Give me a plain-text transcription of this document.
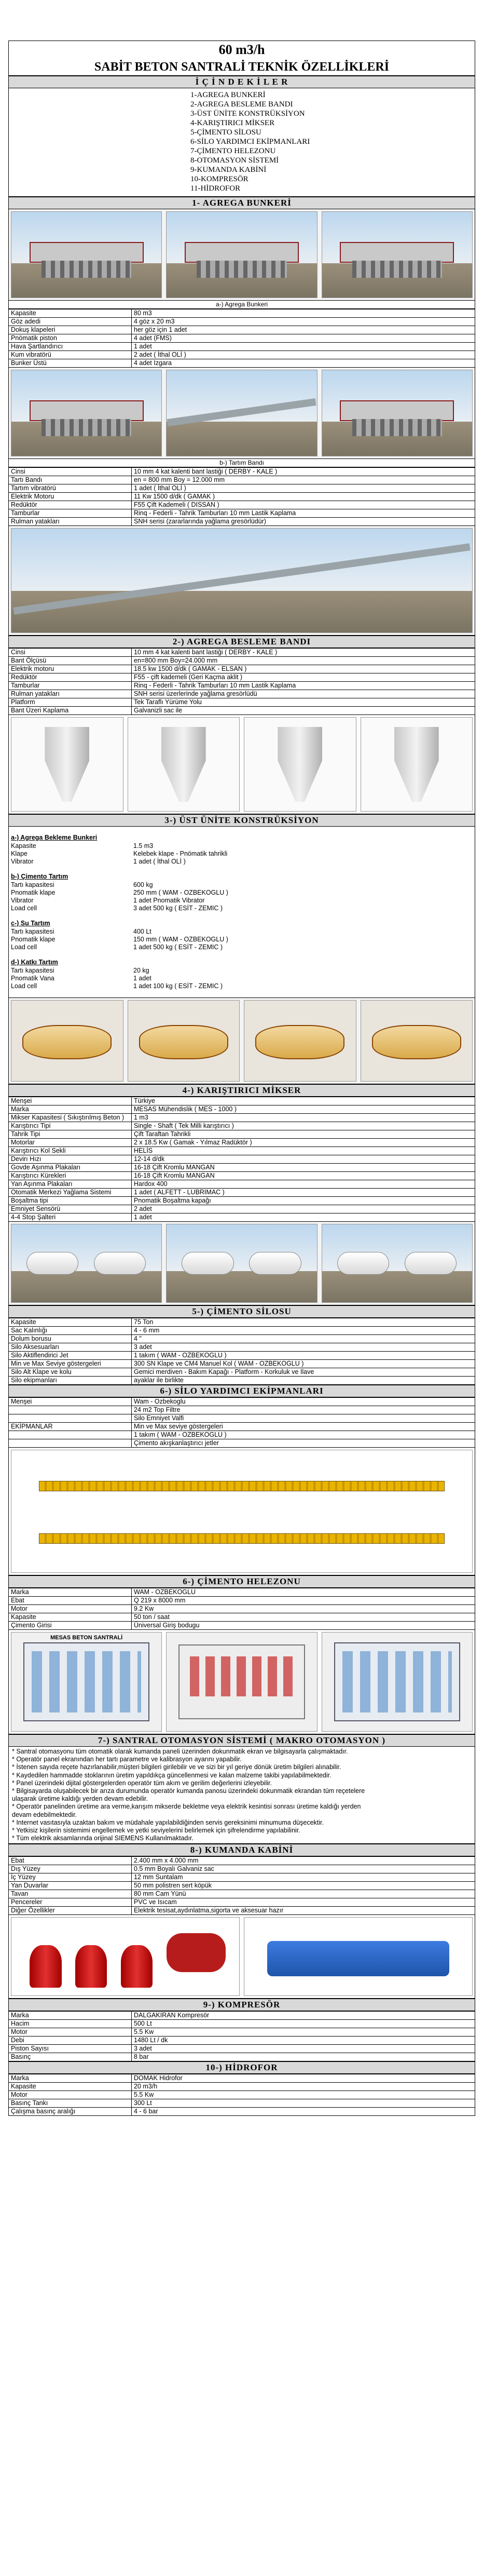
60 m3/h
SABİT BETON SANTRALİ TEKNİK ÖZELLİKLERİ
İ Ç İ N D E K İ L E R
1-AGREGA BUNKERİ
2-AGREGA BESLEME BANDI
3-ÜST ÜNİTE KONSTRÜKSİYON
4-KARIŞTIRICI MİKSER
5-ÇİMENTO SİLOSU
6-SİLO YARDIMCI EKİPMANLARI
7-ÇİMENTO HELEZONU
8-OTOMASYON SİSTEMİ
9-KUMANDA KABİNİ
10-KOMPRESÖR
11-HİDROFOR
1- AGREGA BUNKERİ
a-) Agrega Bunkeri
Kapasite	80 m3
Göz adedi	4 göz x 20 m3
Dokuş klapeleri	her göz için 1 adet
Pnömatik piston	4 adet (FMS)
Hava Şartlandırıcı	1 adet
Kum vibratörü	2 adet ( İthal OLİ )
Bunker Üstü	4 adet Izgara
b-) Tartım Bandı
Cinsi	10 mm 4 kat kalenti bant lastiği ( DERBY - KALE )
Tartı Bandı	en = 800 mm Boy = 12.000 mm
Tartım vibratörü	1 adet ( İthal OLİ )
Elektrik Motoru	11 Kw 1500 d/dk ( GAMAK )
Redüktör	F55 Çift Kademeli ( DISSAN )
Tamburlar	Rinq - Federli - Tahrik Tamburları 10 mm Lastik Kaplama
Rulman yatakları	SNH serisi (zararlarında yağlama gresörlüdür)
2-) AGREGA BESLEME BANDI
Cinsi	10 mm 4 kat kalenti bant lastiği ( DERBY - KALE )
Bant Ölçüsü	en=800 mm Boy=24.000 mm
Elektrik motoru	18.5 kw 1500 d/dk ( GAMAK - ELSAN )
Redüktör	F55 - çift kademeli (Geri Kaçma aklit )
Tamburlar	Rinq - Federli - Tahrik Tamburları 10 mm Lastik Kaplama
Rulman yatakları	SNH serisi üzerlerinde yağlama gresörlüdü
Platform	Tek Taraflı Yürüme Yolu
Bant Üzeri Kaplama	Galvanizli sac ile
3-) ÜST ÜNİTE KONSTRÜKSİYON
a-) Agrega Bekleme Bunkeri
Kapasite	1.5 m3
Klape	Kelebek klape - Pnömatik tahrikli
Vibrator	1 adet ( İthal OLİ )
b-) Çimento Tartım
Tartı kapasitesi	600 kg
Pnomatik klape	250 mm ( WAM - OZBEKOGLU )
Vibrator	1 adet Pnomatik Vibrator
Load cell	3 adet 500 kg ( ESİT - ZEMIC )
c-) Su Tartım
Tartı kapasitesi	400 Lt
Pnomatik klape	150 mm ( WAM - OZBEKOGLU )
Load cell	1 adet 500 kg ( ESİT - ZEMIC )
d-) Katkı Tartım
Tartı kapasitesi	20 kg
Pnomatik Vana	1 adet
Load cell	1 adet 100 kg ( ESİT - ZEMIC )
4-) KARIŞTIRICI MİKSER
Menşei	Türkiye
Marka	MESAS Mühendislik ( MES - 1000 )
Mikser Kapasitesi ( Sıkıştırılmış Beton )	1 m3
Karıştırıcı Tipi	Single - Shaft ( Tek Milli karıştırıcı )
Tahrik Tipi	Çift Taraftan Tahrikli
Motorlar	2 x 18.5 Kw ( Gamak - Yılmaz Radüktör )
Karıştırıcı Kol Sekli	HELİS
Devirı Hızı	12-14 d/dk
Govde Aşınma Plakaları	16-18 Çift Kromlu MANGAN
Karıştırıcı Kürekleri	16-18 Çift Kromlu MANGAN
Yan Aşınma Plakaları	Hardox 400
Otomatik Merkezi Yağlama Sistemi	1 adet ( ALFETT - LUBRIMAC )
Boşaltma tipi	Pnomatik Boşaltma kapağı
Emniyet Sensörü	2 adet
4-4 Stop Şalteri	1 adet
5-) ÇİMENTO SİLOSU
Kapasite	75 Ton
Sac Kalınlığı	4 - 6 mm
Dolum borusu	4 "
Silo Aksesuarları	3 adet
Silo Aktiflendirici Jet	1 takım ( WAM - OZBEKOGLU )
Min ve Max Seviye göstergeleri	300 SN Klape ve CM4 Manuel Kol ( WAM - OZBEKOGLU )
Silo Alt Klape ve kolu	Gemici merdiven - Bakım Kapağı - Platform - Korkuluk ve Ilave
Silo ekipmanları	ayaklar ile birlikte
6-) SİLO YARDIMCI EKİPMANLARI
Menşei	Wam - Ozbekoglu
	24 m2 Top Filtre
	Silo Emniyet Valfi
EKİPMANLAR	Min ve Max seviye göstergeleri
	1 takım ( WAM - OZBEKOGLU )
	Çimento akışkanlaştırıcı jetler
6-) ÇİMENTO HELEZONU
Marka	WAM - OZBEKOGLU
Ebat	Q 219 x 8000 mm
Motor	9.2 Kw
Kapasite	50 ton / saat
Çimento Girisi	Üniversal Giriş bodugu
MESAS BETON SANTRALİ
7-) SANTRAL OTOMASYON SİSTEMİ ( MAKRO OTOMASYON )
* Santral otomasyonu tüm otomatik olarak kumanda paneli üzerinden dokunmatik ekran ve bilgisayarla çalışmaktadır.
* Operatör panel ekranından her tartı parametre ve kalibrasyon ayarını yapabilir.
* İstenen sayıda reçete hazırlanabilir,müşteri bilgileri girilebilir ve ve sizi bir yıl geriye dönük üretim bilgileri alınabilir.
* Kaydedilen hammadde stoklarının üretim yapıldıkça güncellenmesi ve kalan malzeme takibi yapılabilmektedir.
* Panel üzerindeki dijital göstergelerden operatör tüm akım ve gerilim değerlerini izleyebilir.
* Bilgisayarda oluşabilecek bir arıza durumunda operatör kumanda panosu üzerindeki dokunmatik ekrandan tüm reçetelere
ulaşarak üretime kaldığı yerden devam edebilir.
* Operatör panelinden üretime ara verme,karışım mikserde bekletme veya elektrik kesintisi sonrası üretime kaldığı yerden
devam edebilmektedir.
* Internet vasıtasıyla uzaktan bakım ve müdahale yapılabildiğinden servis gereksinimi minumuma düşecektir.
* Yetkisiz kişilerin sistemimi engellemek ve yetki seviyelerini belirlemek için şifrelendirme yapılabilinir.
* Tüm elektrik aksamlarında orijinal SIEMENS Kullanılmaktadır.
8-) KUMANDA KABİNİ
Ebat	2.400 mm x 4.000 mm
Dış Yüzey	0.5 mm Boyalı Galvaniz sac
İç Yüzey	12 mm Suntalam
Yan Duvarlar	50 mm polistren sert köpük
Tavan	80 mm Cam Yünü
Pencereler	PVC ve Isıcam
Diğer Özellikler	Elektrik tesisat,aydınlatma,sigorta ve aksesuar hazır
9-) KOMPRESÖR
Marka	DALGAKIRAN Kompresör
Hacim	500 Lt
Motor	5.5 Kw
Debi	1480 Lt / dk
Piston Sayısı	3 adet
Basınç	8 bar
10-) HİDROFOR
Marka	DOMAK Hidrofor
Kapasite	20 m3/h
Motor	5.5 Kw
Basınç Tankı	300 Lt
Çalışma basınç aralığı	4 - 6 bar
